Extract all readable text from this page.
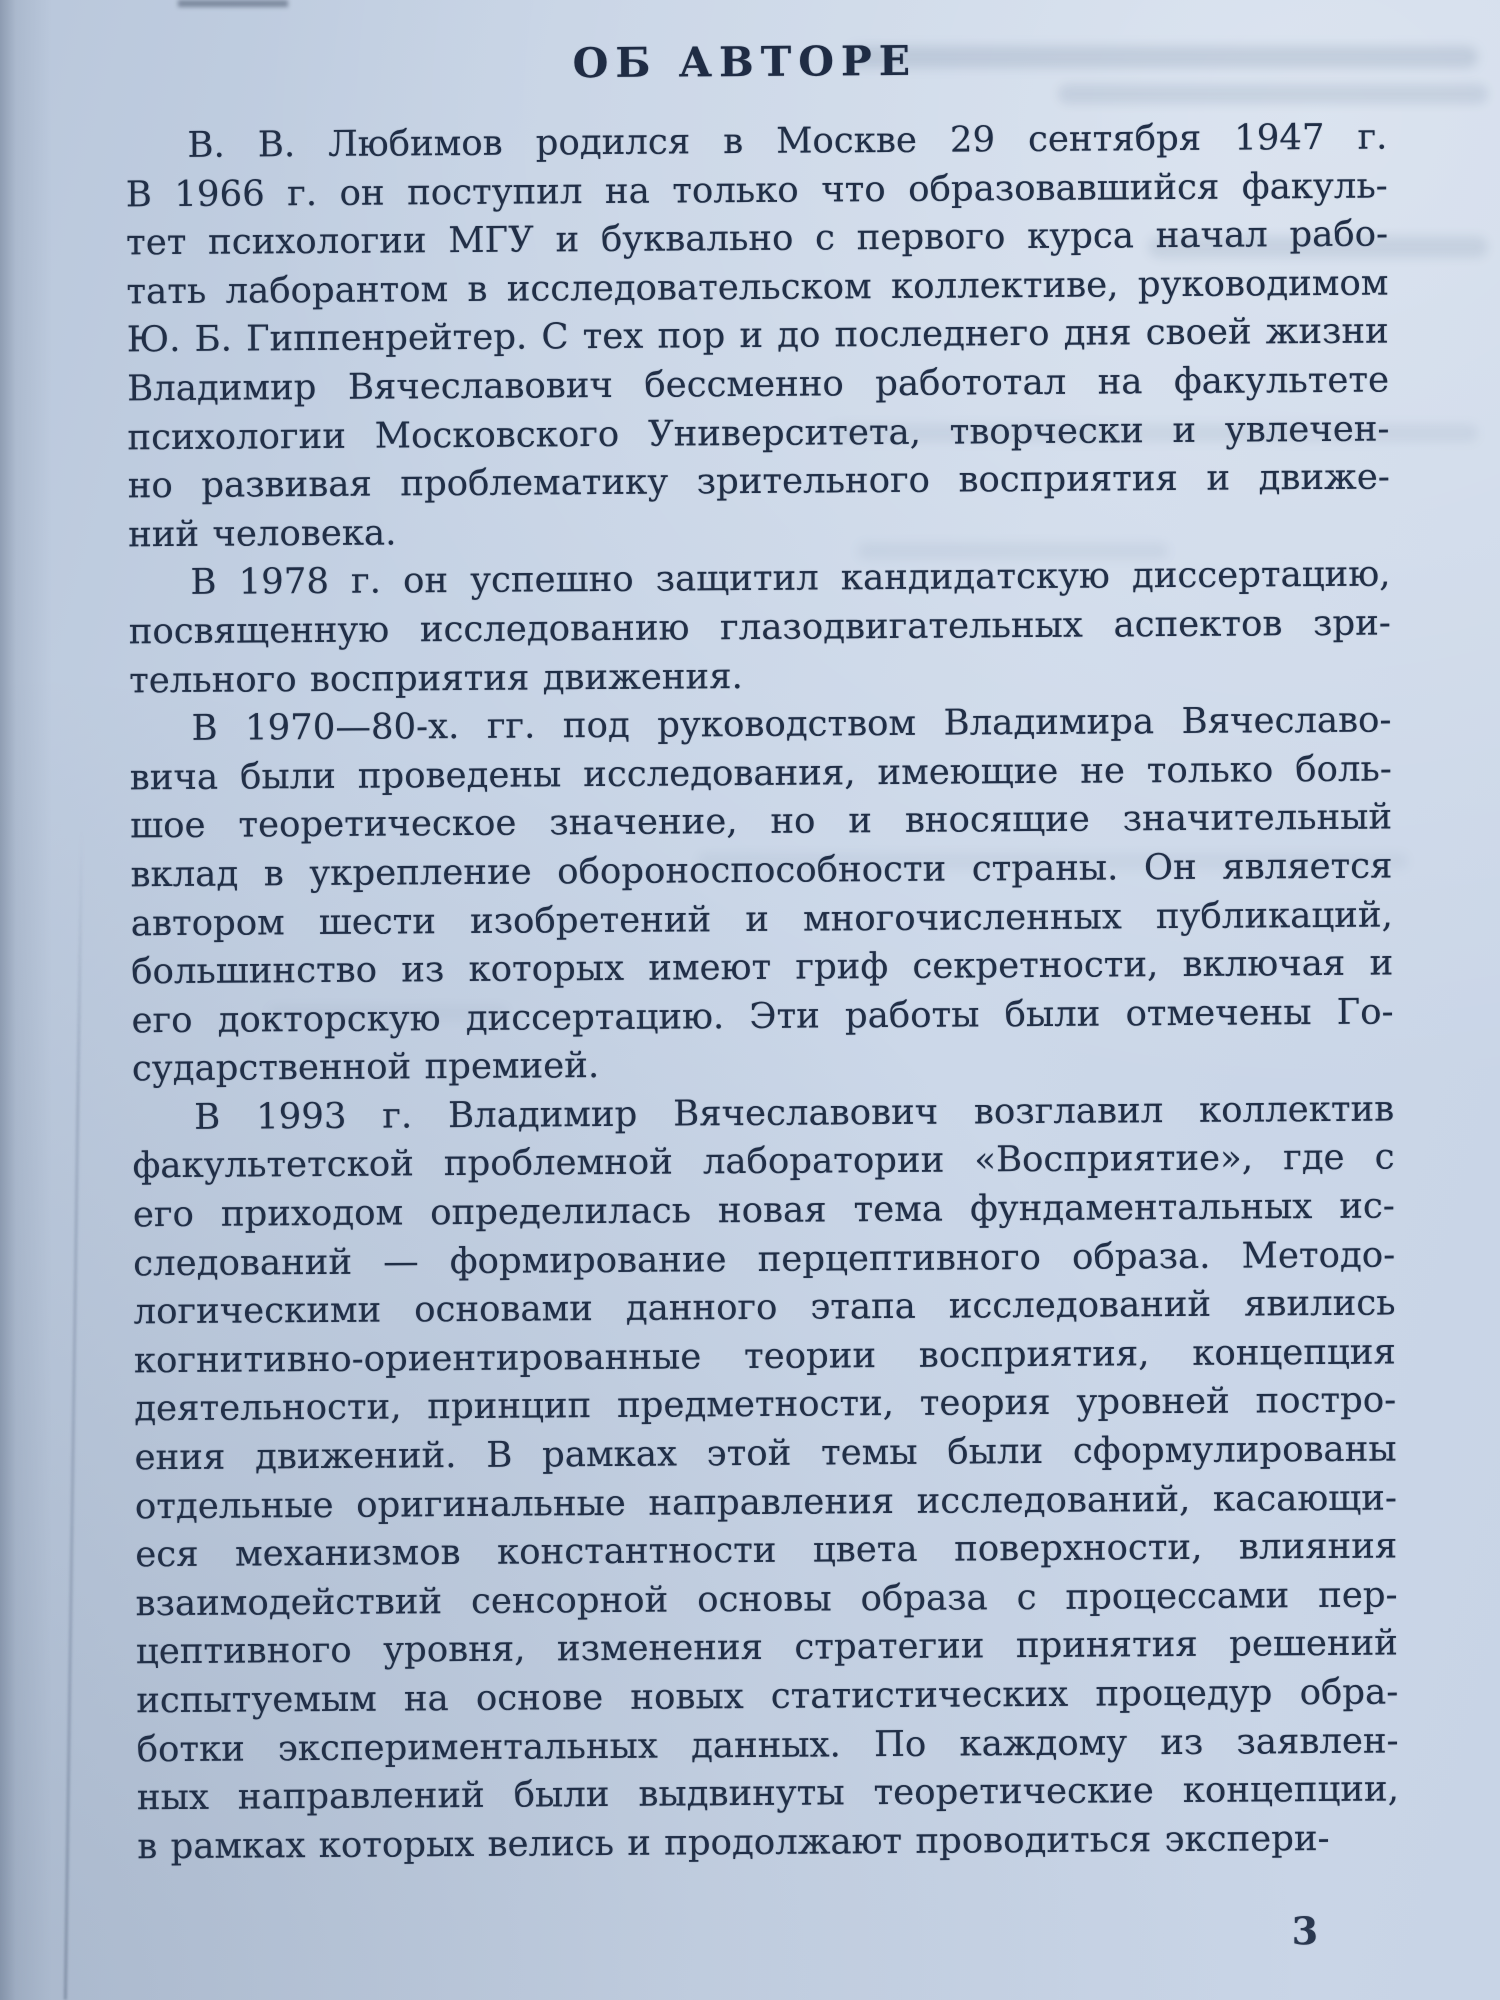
ОБ АВТОРЕ
В. В. Любимов родился в Москве 29 сентября 1947 г.
В 1966 г. он поступил на только что образовавшийся факуль-
тет психологии МГУ и буквально с первого курса начал рабо-
тать лаборантом в исследовательском коллективе, руководимом
Ю. Б. Гиппенрейтер. С тех пор и до последнего дня своей жизни
Владимир Вячеславович бессменно работотал на факультете
психологии Московского Университета, творчески и увлечен-
но развивая проблематику зрительного восприятия и движе-
ний человека.
В 1978 г. он успешно защитил кандидатскую диссертацию,
посвященную исследованию глазодвигательных аспектов зри-
тельного восприятия движения.
В 1970—80-х. гг. под руководством Владимира Вячеславо-
вича были проведены исследования, имеющие не только боль-
шое теоретическое значение, но и вносящие значительный
вклад в укрепление обороноспособности страны. Он является
автором шести изобретений и многочисленных публикаций,
большинство из которых имеют гриф секретности, включая и
его докторскую диссертацию. Эти работы были отмечены Го-
сударственной премией.
В 1993 г. Владимир Вячеславович возглавил коллектив
факультетской проблемной лаборатории «Восприятие», где с
его приходом определилась новая тема фундаментальных ис-
следований — формирование перцептивного образа. Методо-
логическими основами данного этапа исследований явились
когнитивно-ориентированные теории восприятия, концепция
деятельности, принцип предметности, теория уровней постро-
ения движений. В рамках этой темы были сформулированы
отдельные оригинальные направления исследований, касающи-
еся механизмов константности цвета поверхности, влияния
взаимодействий сенсорной основы образа с процессами пер-
цептивного уровня, изменения стратегии принятия решений
испытуемым на основе новых статистических процедур обра-
ботки экспериментальных данных. По каждому из заявлен-
ных направлений были выдвинуты теоретические концепции,
в рамках которых велись и продолжают проводиться экспери-
3
